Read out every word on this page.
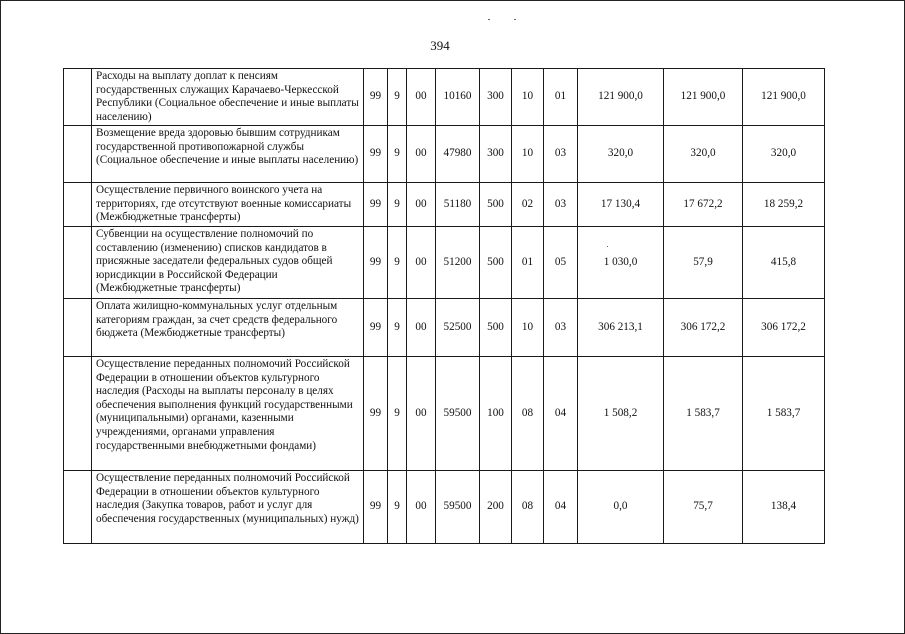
394
	Расходы на выплату доплат к пенсиям государственных служащих Карачаево-Черкесской Республики (Социальное обеспечение и иные выплаты населению)	99	9	00	10160	300	10	01	121 900,0	121 900,0	121 900,0
	Возмещение вреда здоровью бывшим сотрудникам государственной противопожарной службы (Социальное обеспечение и иные выплаты населению)	99	9	00	47980	300	10	03	320,0	320,0	320,0
	Осуществление первичного воинского учета на территориях, где отсутствуют военные комиссариаты (Межбюджетные трансферты)	99	9	00	51180	500	02	03	17 130,4	17 672,2	18 259,2
	Субвенции на осуществление полномочий по составлению (изменению) списков кандидатов в присяжные заседатели федеральных судов общей юрисдикции в Российской Федерации (Межбюджетные трансферты)	99	9	00	51200	500	01	05	1 030,0	57,9	415,8
	Оплата жилищно-коммунальных услуг отдельным категориям граждан, за счет средств федерального бюджета (Межбюджетные трансферты)	99	9	00	52500	500	10	03	306 213,1	306 172,2	306 172,2
	Осуществление переданных полномочий Российской Федерации в отношении объектов культурного наследия (Расходы на выплаты персоналу в целях обеспечения выполнения функций государственными (муниципальными) органами, казенными учреждениями, органами управления государственными внебюджетными фондами)	99	9	00	59500	100	08	04	1 508,2	1 583,7	1 583,7
	Осуществление переданных полномочий Российской Федерации в отношении объектов культурного наследия (Закупка товаров, работ и услуг для обеспечения государственных (муниципальных) нужд)	99	9	00	59500	200	08	04	0,0	75,7	138,4
